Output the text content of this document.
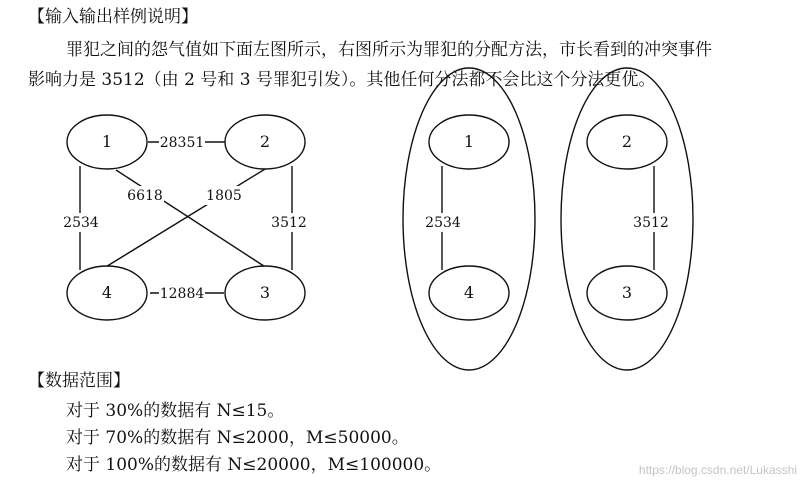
【输入输出样例说明】
罪犯之间的怨气值如下面左图所示，右图所示为罪犯的分配方法，市长看到的冲突事件
影响力是 3512（由 2 号和 3 号罪犯引发）。其他任何分法都不会比这个分法更优。
1	2
3
4
28351
6618	1805
2534	3512
12884
1
4
2534
2
3
3512
【数据范围】
对于 30%的数据有 N≤15。
对于 70%的数据有 N≤2000，M≤50000。
对于 100%的数据有 N≤20000，M≤100000。	https://blog.csdn.net/Lukasshi
